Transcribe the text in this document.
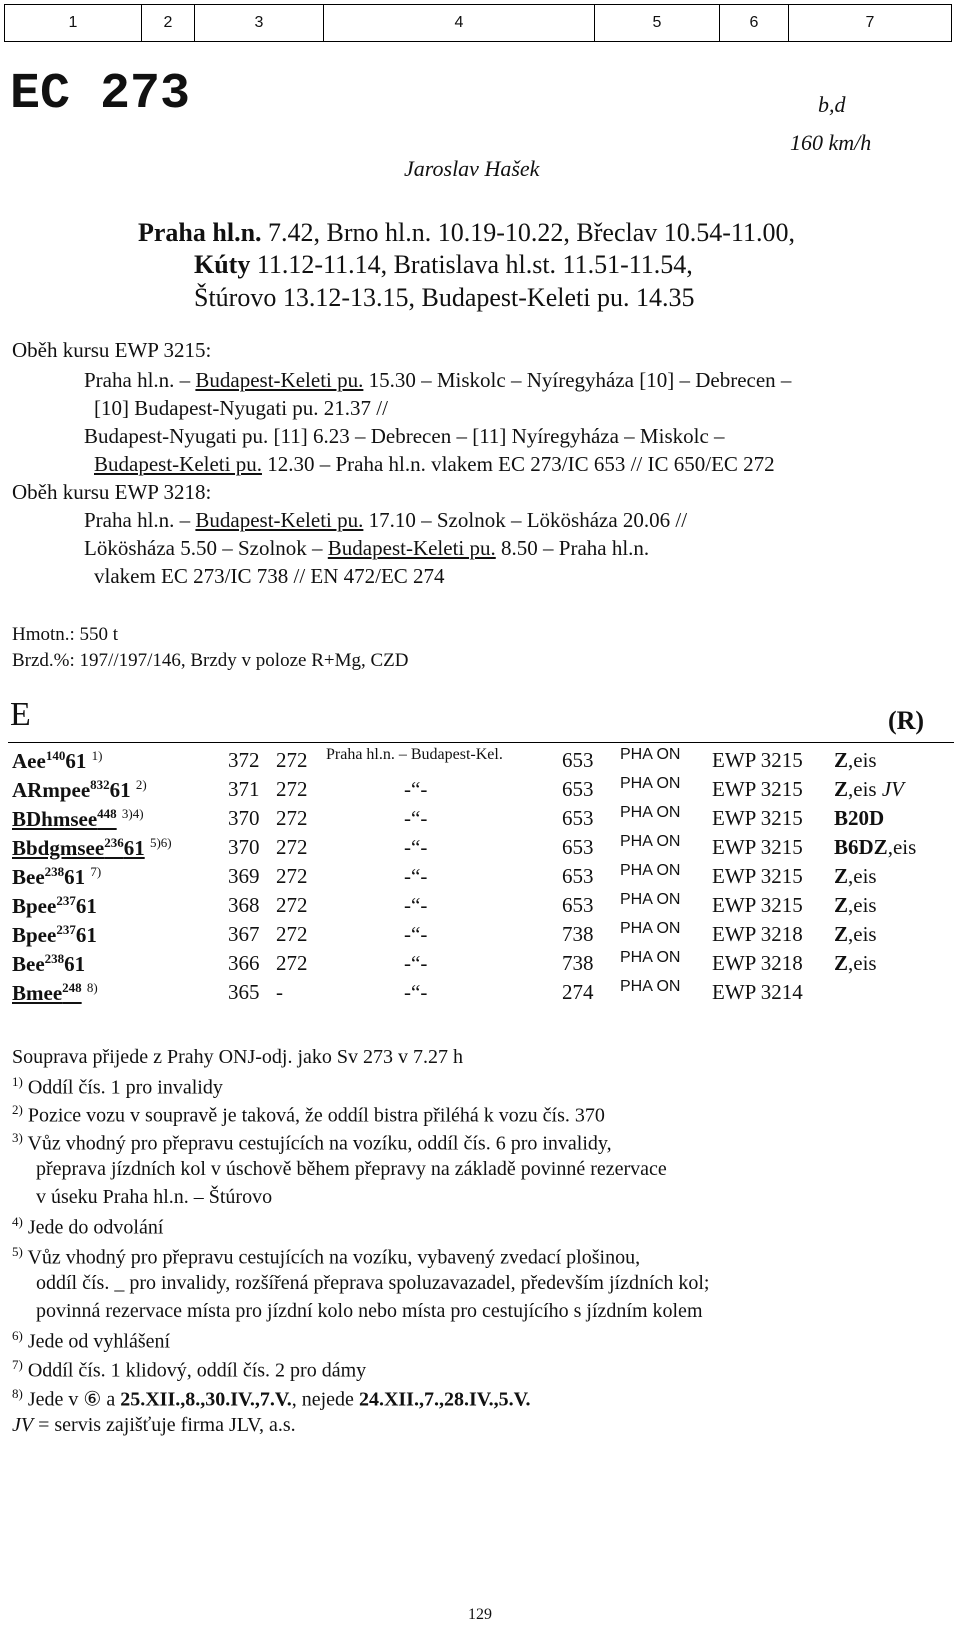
1	2	3	4	5	6	7
EC 273	b,d
160 km/h
Jaroslav Hašek
Praha hl.n. 7.42, Brno hl.n. 10.19-10.22, Břeclav 10.54-11.00,
Kúty 11.12-11.14, Bratislava hl.st. 11.51-11.54,
Štúrovo 13.12-13.15, Budapest-Keleti pu. 14.35
Oběh kursu EWP 3215:
Praha hl.n. – Budapest-Keleti pu. 15.30 – Miskolc – Nyíregyháza [10] – Debrecen –
[10] Budapest-Nyugati pu. 21.37 //
Budapest-Nyugati pu. [11] 6.23 – Debrecen – [11] Nyíregyháza – Miskolc –
Budapest-Keleti pu. 12.30 – Praha hl.n. vlakem EC 273/IC 653 // IC 650/EC 272
Oběh kursu EWP 3218:
Praha hl.n. – Budapest-Keleti pu. 17.10 – Szolnok – Lökösháza 20.06 //
Lökösháza 5.50 – Szolnok – Budapest-Keleti pu. 8.50 – Praha hl.n.
vlakem EC 273/IC 738 // EN 472/EC 274
Hmotn.: 550 t
Brzd.%: 197//197/146, Brzdy v poloze R+Mg, CZD
E	(R)
Aee$^{140}$61 $^{1)}$	372 272 Praha hl.n. – Budapest-Kel.	653 PHA ON EWP 3215 Z,eis
ARmpee$^{832}$61 $^{2)}$	371 272	-“-	653 PHA ON EWP 3215 Z,eis JV
BDhmsee$^{448}$ $^{3)4)}$	370 272	-“-	653 PHA ON EWP 3215 B20D
Bbdgmsee$^{236}$61 $^{5)6)}$	370 272	-“-	653 PHA ON EWP 3215 B6DZ,eis
Bee$^{238}$61 $^{7)}$	369 272	-“-	653 PHA ON EWP 3215 Z,eis
Bpee$^{237}$61	368 272	-“-	653 PHA ON EWP 3215 Z,eis
Bpee$^{237}$61	367 272	-“-	738 PHA ON EWP 3218 Z,eis
Bee$^{238}$61	366 272	-“-	738 PHA ON EWP 3218 Z,eis
Bmee$^{248}$ $^{8)}$	365 -	-“-	274 PHA ON EWP 3214
Souprava přijede z Prahy ONJ-odj. jako Sv 273 v 7.27 h
$^{1)}$ Oddíl čís. 1 pro invalidy
$^{2)}$ Pozice vozu v soupravě je taková, že oddíl bistra přiléhá k vozu čís. 370
$^{3)}$ Vůz vhodný pro přepravu cestujících na vozíku, oddíl čís. 6 pro invalidy,
přeprava jízdních kol v úschově během přepravy na základě povinné rezervace
v úseku Praha hl.n. – Štúrovo
$^{4)}$ Jede do odvolání
$^{5)}$ Vůz vhodný pro přepravu cestujících na vozíku, vybavený zvedací plošinou,
oddíl čís. _ pro invalidy, rozšířená přeprava spoluzavazadel, především jízdních kol;
povinná rezervace místa pro jízdní kolo nebo místa pro cestujícího s jízdním kolem
$^{6)}$ Jede od vyhlášení
$^{7)}$ Oddíl čís. 1 klidový, oddíl čís. 2 pro dámy
$^{8)}$ Jede v ⑥ a 25.XII.,8.,30.IV.,7.V., nejede 24.XII.,7.,28.IV.,5.V.
JV = servis zajišťuje firma JLV, a.s.
129
